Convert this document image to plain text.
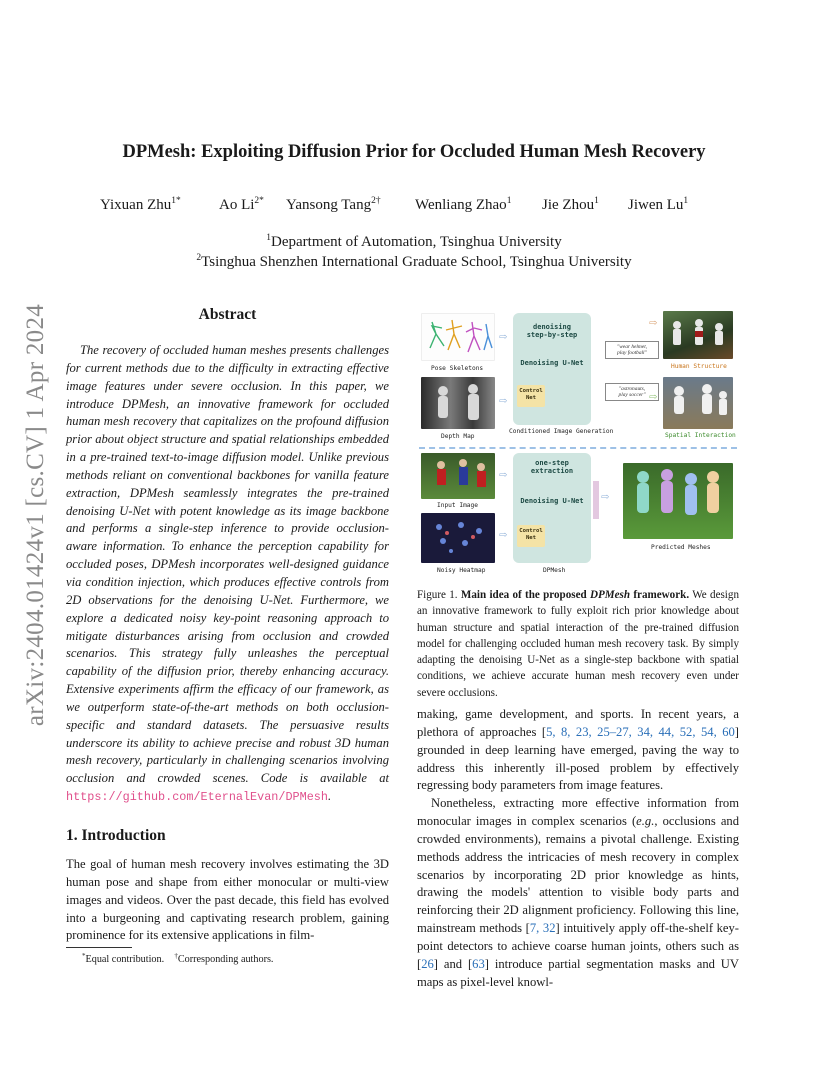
arXiv:2404.01424v1 [cs.CV] 1 Apr 2024
DPMesh: Exploiting Diffusion Prior for Occluded Human Mesh Recovery
Yixuan Zhu$^{1*}$	Ao $Li^{2*}$ Yansong Tang$^{2\dagger}$ Wenliang Zhao$^1$ Jie Zhou$^1$ Jiwen Lu$^1$
$^1$Department of Automation, Tsinghua University
$^2$Tsinghua Shenzhen International Graduate School, Tsinghua University
Abstract
The recovery of occluded human meshes presents challenges for current methods due to the difficulty in extracting effective image features under severe occlusion. In this paper, we introduce DPMesh, an innovative framework for occluded human mesh recovery that capitalizes on the profound diffusion prior about object structure and spatial relationships embedded in a pre-trained text-to-image diffusion model. Unlike previous methods reliant on conventional backbones for vanilla feature extraction, DPMesh seamlessly integrates the pre-trained denoising U-Net with potent knowledge as its image backbone and performs a single-step inference to provide occlusion-aware information. To enhance the perception capability for occluded poses, DPMesh incorporates well-designed guidance via condition injection, which produces effective controls from 2D observations for the denoising U-Net. Furthermore, we explore a dedicated noisy key-point reasoning approach to mitigate disturbances arising from occlusion and crowded scenarios. This strategy fully unleashes the perceptual capability of the diffusion prior, thereby enhancing accuracy. Extensive experiments affirm the efficacy of our framework, as we outperform state-of-the-art methods on both occlusion-specific and standard datasets. The persuasive results underscore its ability to achieve precise and robust 3D human mesh recovery, particularly in challenging scenarios involving occlusion and crowded scenes. Code is available at https://github.com/EternalEvan/DPMesh.
1. Introduction
The goal of human mesh recovery involves estimating the 3D human pose and shape from either monocular or multi-view images and videos. Over the past decade, this field has evolved into a burgeoning and captivating research problem, gaining prominence for its extensive applications in film-
*Equal contribution. †Corresponding authors.
Pose Skeletons
Depth Map
⇨
⇨
denoising
step-by-step
Denoising U-Net
Control
Net
Conditioned Image Generation
"wear helmet,
play football"
"astronauts,
play soccer"
⇨
⇨
Human Structure
Spatial Interaction
Input Image
Noisy Heatmap
⇨
⇨
one-step
extraction
Denoising U-Net
Control
Net
DPMesh
⇨
Predicted Meshes
Figure 1. Main idea of the proposed DPMesh framework. We design an innovative framework to fully exploit rich prior knowledge about human structure and spatial interaction of the pre-trained diffusion model for challenging occluded human mesh recovery task. By simply adapting the denoising U-Net as a single-step backbone with spatial conditions, we achieve accurate human mesh recovery even under severe occlusions.

making, game development, and sports. In recent years, a plethora of approaches [5, 8, 23, 25–27, 34, 44, 52, 54, 60] grounded in deep learning have emerged, paving the way to address this inherently ill-posed problem by effectively regressing body parameters from image features.

Nonetheless, extracting more effective information from monocular images in complex scenarios (e.g., occlusions and crowded environments), remains a pivotal challenge. Existing methods address the intricacies of mesh recovery in complex scenarios by incorporating 2D prior knowledge as hints, drawing the models' attention to visible body parts and reinforcing their 2D alignment proficiency. Following this line, mainstream methods [7, 32] intuitively apply off-the-shelf key-point detectors to achieve coarse human joints, others such as [26] and [63] introduce partial segmentation masks and UV maps as pixel-level knowl-
